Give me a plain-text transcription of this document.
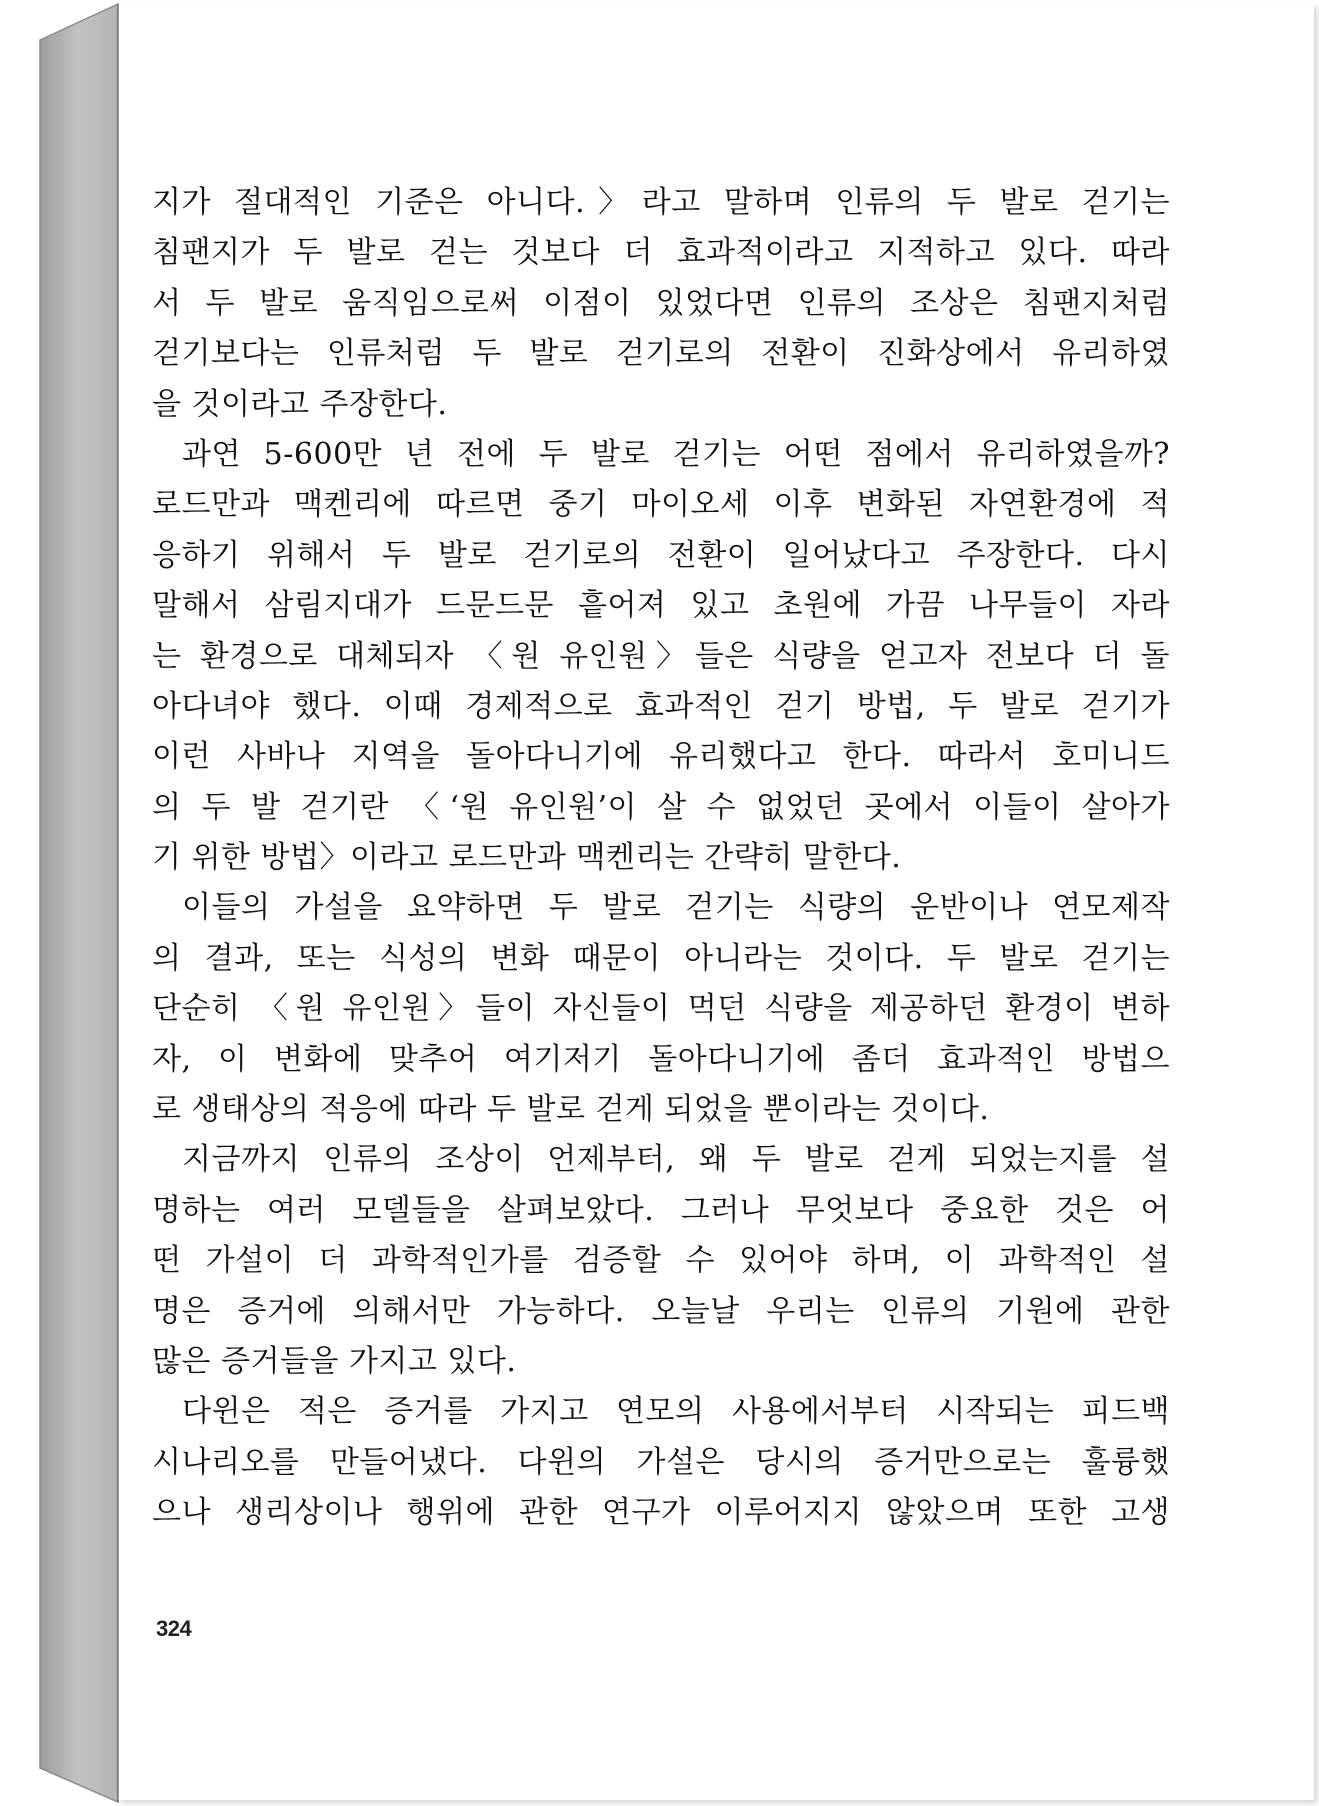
지가 절대적인 기준은 아니다.〉라고 말하며 인류의 두 발로 걷기는
침팬지가 두 발로 걷는 것보다 더 효과적이라고 지적하고 있다. 따라
서 두 발로 움직임으로써 이점이 있었다면 인류의 조상은 침팬지처럼
걷기보다는 인류처럼 두 발로 걷기로의 전환이 진화상에서 유리하였
을 것이라고 주장한다.
과연 5-600만 년 전에 두 발로 걷기는 어떤 점에서 유리하였을까?
로드만과 맥켄리에 따르면 중기 마이오세 이후 변화된 자연환경에 적
응하기 위해서 두 발로 걷기로의 전환이 일어났다고 주장한다. 다시
말해서 삼림지대가 드문드문 흩어져 있고 초원에 가끔 나무들이 자라
는 환경으로 대체되자 〈원 유인원〉들은 식량을 얻고자 전보다 더 돌
아다녀야 했다. 이때 경제적으로 효과적인 걷기 방법, 두 발로 걷기가
이런 사바나 지역을 돌아다니기에 유리했다고 한다. 따라서 호미니드
의 두 발 걷기란 〈‘원 유인원’이 살 수 없었던 곳에서 이들이 살아가
기 위한 방법〉이라고 로드만과 맥켄리는 간략히 말한다.
이들의 가설을 요약하면 두 발로 걷기는 식량의 운반이나 연모제작
의 결과, 또는 식성의 변화 때문이 아니라는 것이다. 두 발로 걷기는
단순히 〈원 유인원〉들이 자신들이 먹던 식량을 제공하던 환경이 변하
자, 이 변화에 맞추어 여기저기 돌아다니기에 좀더 효과적인 방법으
로 생태상의 적응에 따라 두 발로 걷게 되었을 뿐이라는 것이다.
지금까지 인류의 조상이 언제부터, 왜 두 발로 걷게 되었는지를 설
명하는 여러 모델들을 살펴보았다. 그러나 무엇보다 중요한 것은 어
떤 가설이 더 과학적인가를 검증할 수 있어야 하며, 이 과학적인 설
명은 증거에 의해서만 가능하다. 오늘날 우리는 인류의 기원에 관한
많은 증거들을 가지고 있다.
다윈은 적은 증거를 가지고 연모의 사용에서부터 시작되는 피드백
시나리오를 만들어냈다. 다윈의 가설은 당시의 증거만으로는 훌륭했
으나 생리상이나 행위에 관한 연구가 이루어지지 않았으며 또한 고생
324
